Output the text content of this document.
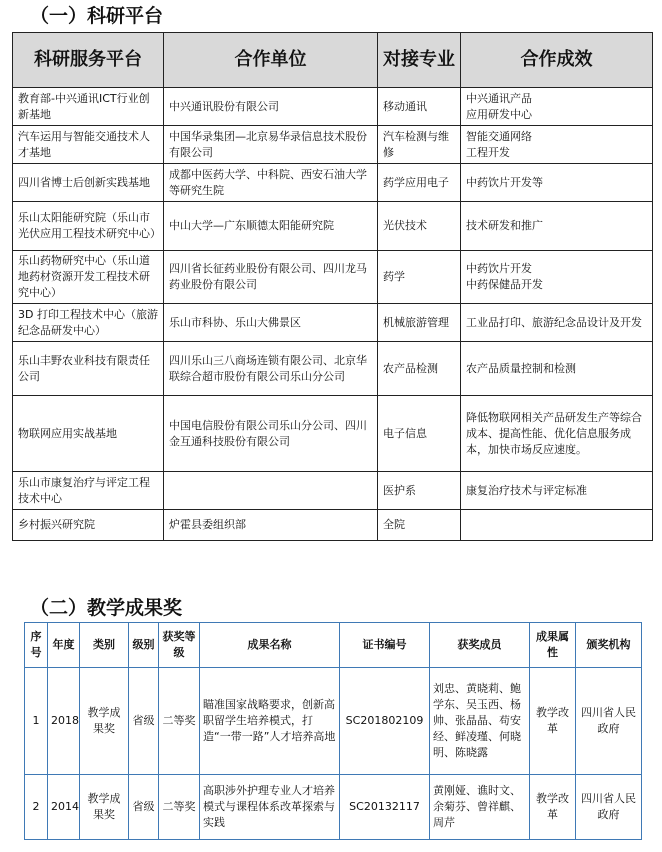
（一）科研平台
科研服务平台	合作单位	对接专业	合作成效
教育部-中兴通讯ICT行业创新基地	中兴通讯股份有限公司	移动通讯	中兴通讯产品
应用研发中心
汽车运用与智能交通技术人才基地	中国华录集团—北京易华录信息技术股份有限公司	汽车检测与维修	智能交通网络
工程开发
四川省博士后创新实践基地	成都中医药大学、中科院、西安石油大学等研究生院	药学应用电子	中药饮片开发等
乐山太阳能研究院（乐山市光伏应用工程技术研究中心）	中山大学—广东顺德太阳能研究院	光伏技术	技术研发和推广
乐山药物研究中心（乐山道地药材资源开发工程技术研究中心）	四川省长征药业股份有限公司、四川龙马药业股份有限公司	药学	中药饮片开发
中药保健品开发
3D 打印工程技术中心（旅游纪念品研发中心）	乐山市科协、乐山大佛景区	机械旅游管理	工业品打印、旅游纪念品设计及开发
乐山丰野农业科技有限责任公司	四川乐山三八商场连锁有限公司、北京华联综合超市股份有限公司乐山分公司	农产品检测	农产品质量控制和检测
物联网应用实战基地	中国电信股份有限公司乐山分公司、四川金互通科技股份有限公司	电子信息	降低物联网相关产品研发生产等综合成本、提高性能、优化信息服务成本，加快市场反应速度。
乐山市康复治疗与评定工程技术中心		医护系	康复治疗技术与评定标准
乡村振兴研究院	炉霍县委组织部	全院	
（二）教学成果奖
序号	年度	类别	级别	获奖等级	成果名称	证书编号	获奖成员	成果属性	颁奖机构
1	2018	教学成果奖	省级	二等奖	瞄准国家战略要求，创新高职留学生培养模式，打造“一带一路”人才培养高地	SC201802109	刘忠、黄晓莉、鲍学东、吴玉西、杨帅、张晶晶、苟安经、鲜凌瑾、何晓明、陈晓露	教学改革	四川省人民政府
2	2014	教学成果奖	省级	二等奖	高职涉外护理专业人才培养模式与课程体系改革探索与实践	SC20132117	黄刚娅、谯时文、余菊芬、曾祥麒、周芹	教学改革	四川省人民政府
